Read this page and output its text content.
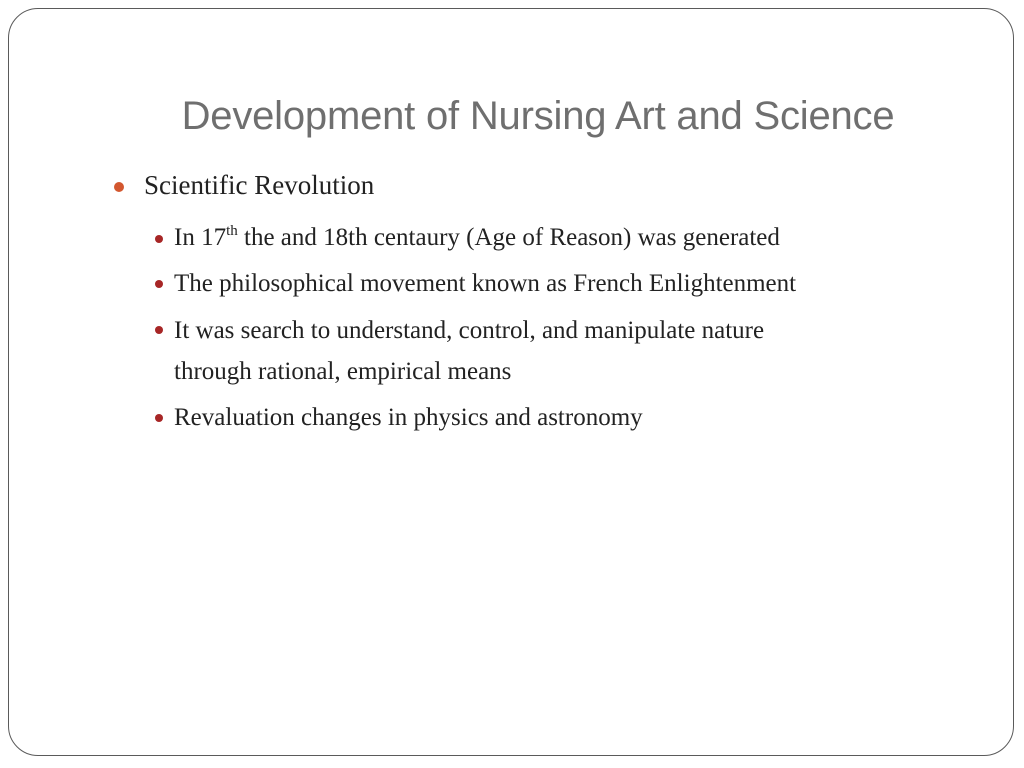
Development of Nursing Art and Science
Scientific Revolution
In 17th the and 18th centaury (Age of Reason) was generated
The philosophical movement known as French Enlightenment
It was search to understand, control, and manipulate nature
through rational, empirical means
Revaluation changes in physics and astronomy
